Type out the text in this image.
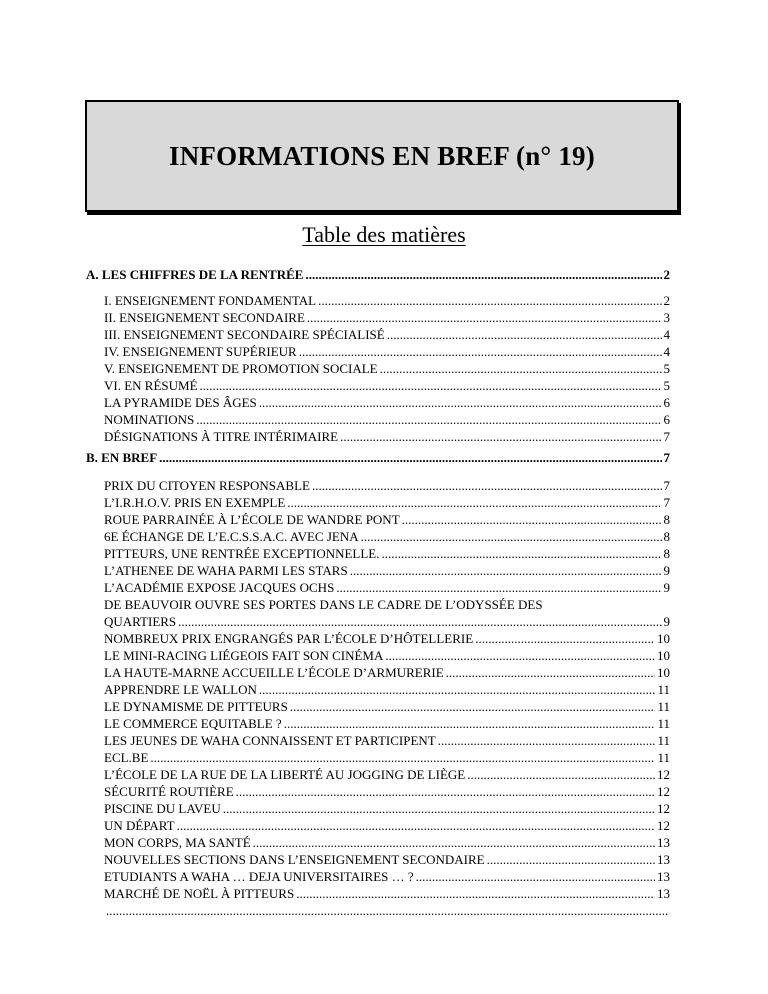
INFORMATIONS EN BREF (n° 19)
Table des matières
A. LES CHIFFRES DE LA RENTRÉE .....	2
I. ENSEIGNEMENT FONDAMENTAL .....	2
II. ENSEIGNEMENT SECONDAIRE .....	3
III. ENSEIGNEMENT SECONDAIRE SPÉCIALISÉ .....	4
IV. ENSEIGNEMENT SUPÉRIEUR .....	4
V. ENSEIGNEMENT DE PROMOTION SOCIALE .....	5
VI. EN RÉSUMÉ .....	5
LA PYRAMIDE DES ÂGES .....	6
NOMINATIONS .....	6
DÉSIGNATIONS À TITRE INTÉRIMAIRE .....	7
B. EN BREF .....	7
PRIX DU CITOYEN RESPONSABLE .....	7
L’I.R.H.O.V. PRIS EN EXEMPLE .....	7
ROUE PARRAINÉE À L’ÉCOLE DE WANDRE PONT .....	8
6E ÉCHANGE DE L’E.C.S.S.A.C. AVEC JENA .....	8
PITTEURS, UNE RENTRÉE EXCEPTIONNELLE. .....	8
L’ATHENEE DE WAHA PARMI LES STARS .....	9
L’ACADÉMIE EXPOSE JACQUES OCHS .....	9
DE BEAUVOIR OUVRE SES PORTES DANS LE CADRE DE L’ODYSSÉE DES
QUARTIERS .....	9
NOMBREUX PRIX ENGRANGÉS PAR L’ÉCOLE D’HÔTELLERIE .....	10
LE MINI-RACING LIÉGEOIS FAIT SON CINÉMA .....	10
LA HAUTE-MARNE ACCUEILLE L’ÉCOLE D’ARMURERIE .....	10
APPRENDRE LE WALLON .....	11
LE DYNAMISME DE PITTEURS .....	11
LE COMMERCE EQUITABLE ? .....	11
LES JEUNES DE WAHA CONNAISSENT ET PARTICIPENT .....	11
ECL.BE .....	11
L’ÉCOLE DE LA RUE DE LA LIBERTÉ AU JOGGING DE LIÈGE .....	12
SÉCURITÉ ROUTIÈRE .....	12
PISCINE DU LAVEU .....	12
UN DÉPART .....	12
MON CORPS, MA SANTÉ .....	13
NOUVELLES SECTIONS DANS L’ENSEIGNEMENT SECONDAIRE .....	13
ETUDIANTS A WAHA … DEJA UNIVERSITAIRES … ? .....	13
MARCHÉ DE NOËL À PITTEURS .....	13
.....
